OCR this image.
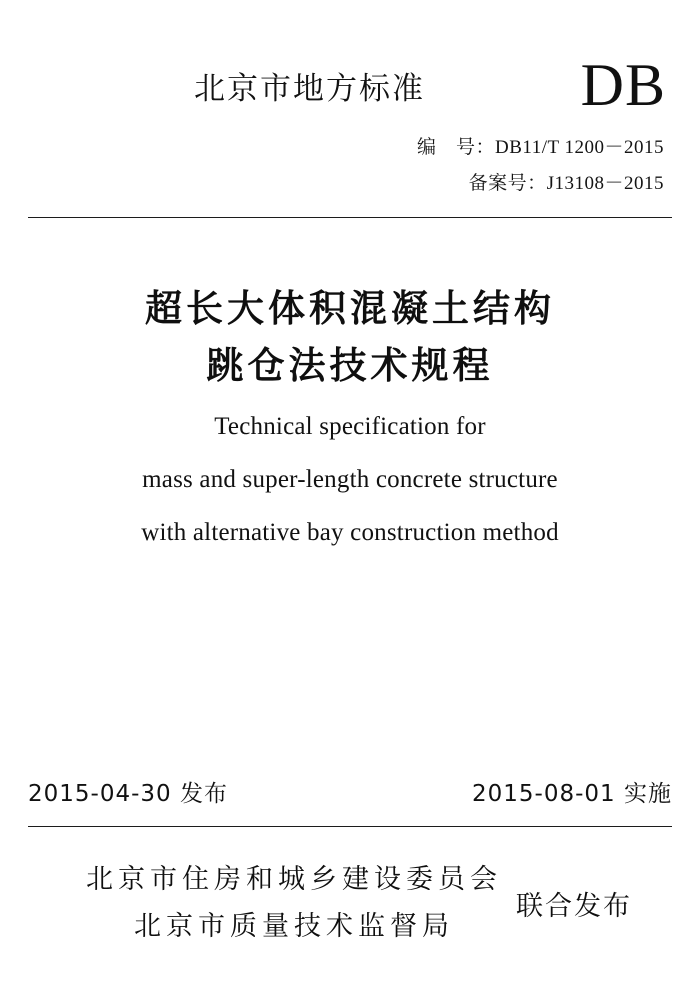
北京市地方标准	DB
编　号：DB11/T 1200－2015
备案号：J13108－2015
超长大体积混凝土结构
跳仓法技术规程
Technical specification for
mass and super-length concrete structure
with alternative bay construction method
2015-04-30 发布	2015-08-01 实施
北京市住房和城乡建设委员会
北京市质量技术监督局
联合发布
